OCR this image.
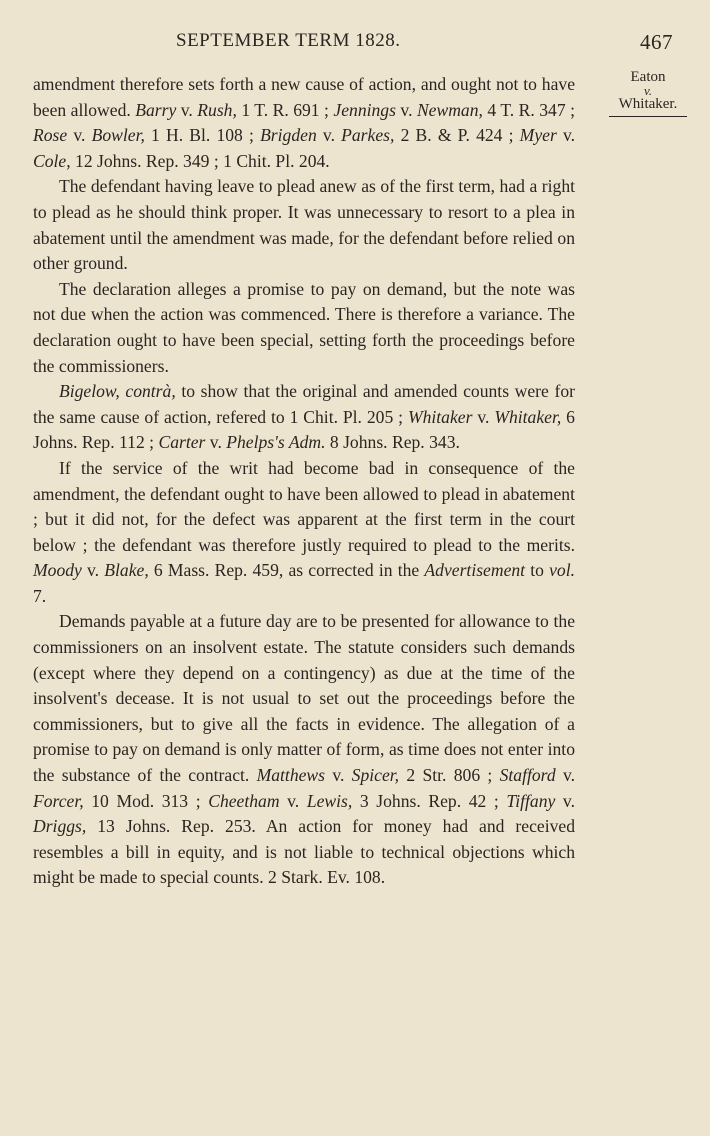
SEPTEMBER TERM 1828.	467
Eaton
v.
Whitaker.

amendment therefore sets forth a new cause of action, and ought not to have been allowed. Barry v. Rush, 1 T. R. 691 ; Jennings v. Newman, 4 T. R. 347 ; Rose v. Bowler, 1 H. Bl. 108 ; Brigden v. Parkes, 2 B. & P. 424 ; Myer v. Cole, 12 Johns. Rep. 349 ; 1 Chit. Pl. 204.

The defendant having leave to plead anew as of the first term, had a right to plead as he should think proper. It was unnecessary to resort to a plea in abatement until the amendment was made, for the defendant before relied on other ground.

The declaration alleges a promise to pay on demand, but the note was not due when the action was commenced. There is therefore a variance. The declaration ought to have been special, setting forth the proceedings before the commissioners.

Bigelow, contrà, to show that the original and amended counts were for the same cause of action, refered to 1 Chit. Pl. 205 ; Whitaker v. Whitaker, 6 Johns. Rep. 112 ; Carter v. Phelps's Adm. 8 Johns. Rep. 343.

If the service of the writ had become bad in consequence of the amendment, the defendant ought to have been allowed to plead in abatement ; but it did not, for the defect was apparent at the first term in the court below ; the defendant was therefore justly required to plead to the merits. Moody v. Blake, 6 Mass. Rep. 459, as corrected in the Advertisement to vol. 7.

Demands payable at a future day are to be presented for allowance to the commissioners on an insolvent estate. The statute considers such demands (except where they depend on a contingency) as due at the time of the insolvent's decease. It is not usual to set out the proceedings before the commissioners, but to give all the facts in evidence. The allegation of a promise to pay on demand is only matter of form, as time does not enter into the substance of the contract. Matthews v. Spicer, 2 Str. 806 ; Stafford v. Forcer, 10 Mod. 313 ; Cheetham v. Lewis, 3 Johns. Rep. 42 ; Tiffany v. Driggs, 13 Johns. Rep. 253. An action for money had and received resembles a bill in equity, and is not liable to technical objections which might be made to special counts. 2 Stark. Ev. 108.
